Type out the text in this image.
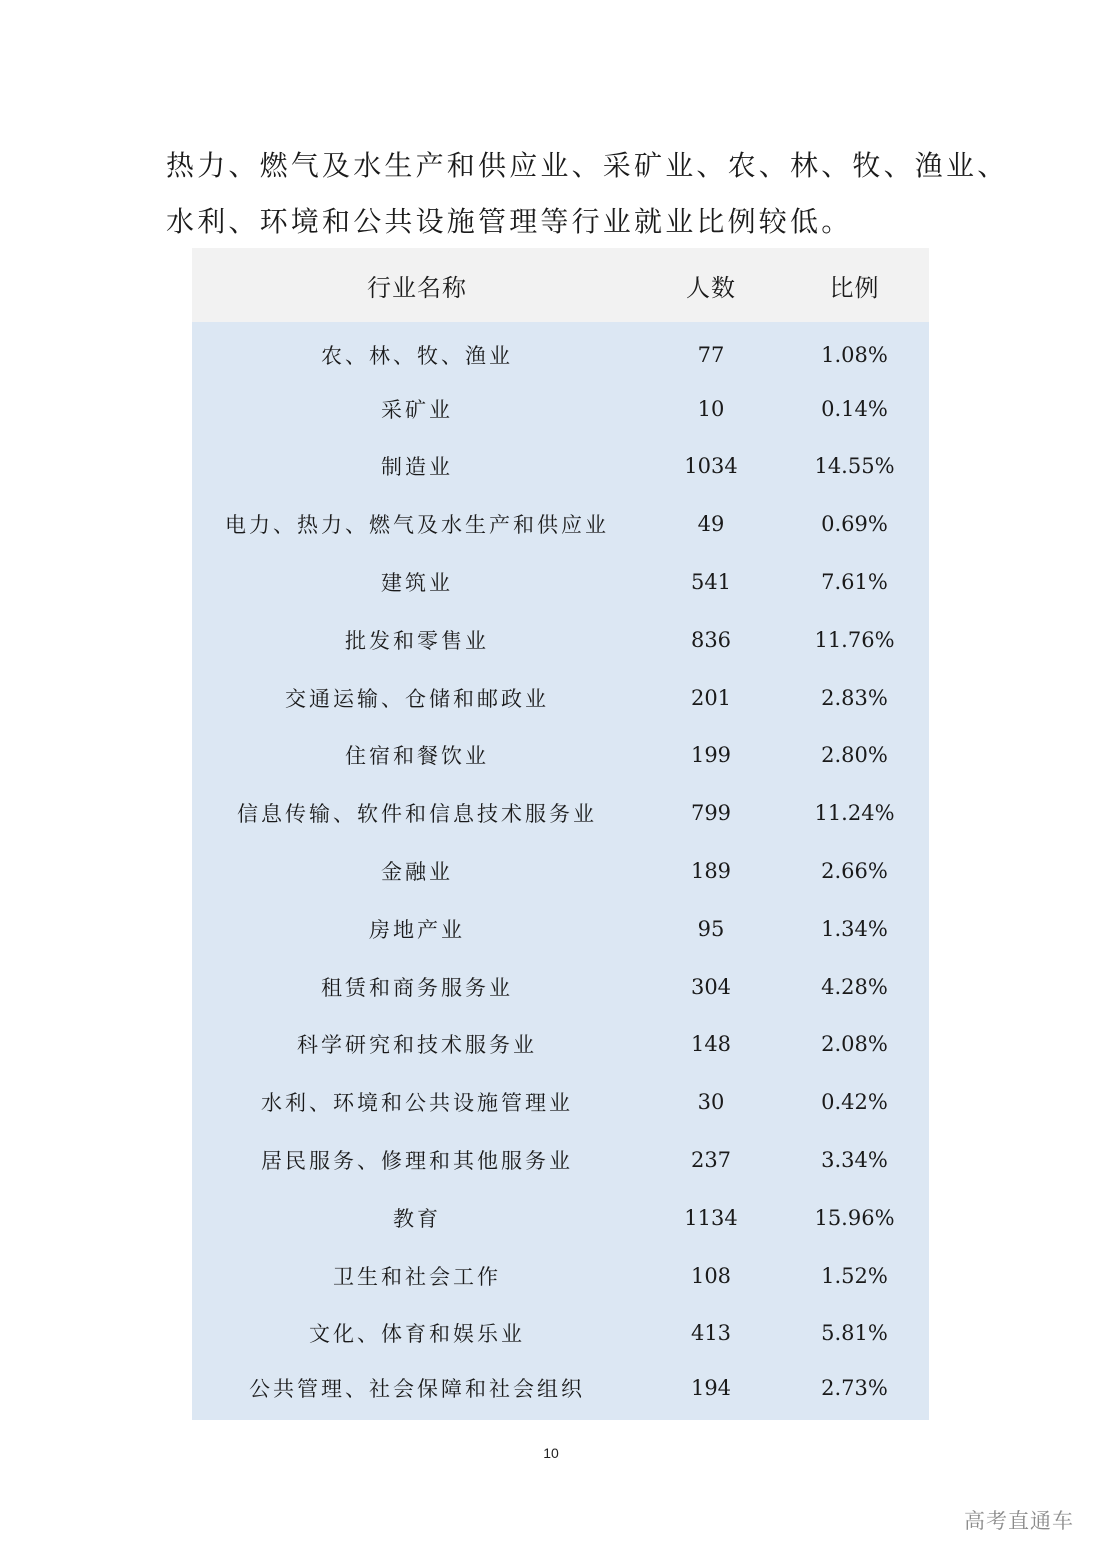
热力、燃气及水生产和供应业、采矿业、农、林、牧、渔业、
水利、环境和公共设施管理等行业就业比例较低。

行业名称	人数	比例
农、林、牧、渔业	77	1.08%
采矿业	10	0.14%
制造业	1034	14.55%
电力、热力、燃气及水生产和供应业	49	0.69%
建筑业	541	7.61%
批发和零售业	836	11.76%
交通运输、仓储和邮政业	201	2.83%
住宿和餐饮业	199	2.80%
信息传输、软件和信息技术服务业	799	11.24%
金融业	189	2.66%
房地产业	95	1.34%
租赁和商务服务业	304	4.28%
科学研究和技术服务业	148	2.08%
水利、环境和公共设施管理业	30	0.42%
居民服务、修理和其他服务业	237	3.34%
教育	1134	15.96%
卫生和社会工作	108	1.52%
文化、体育和娱乐业	413	5.81%
公共管理、社会保障和社会组织	194	2.73%
10
高考直通车
